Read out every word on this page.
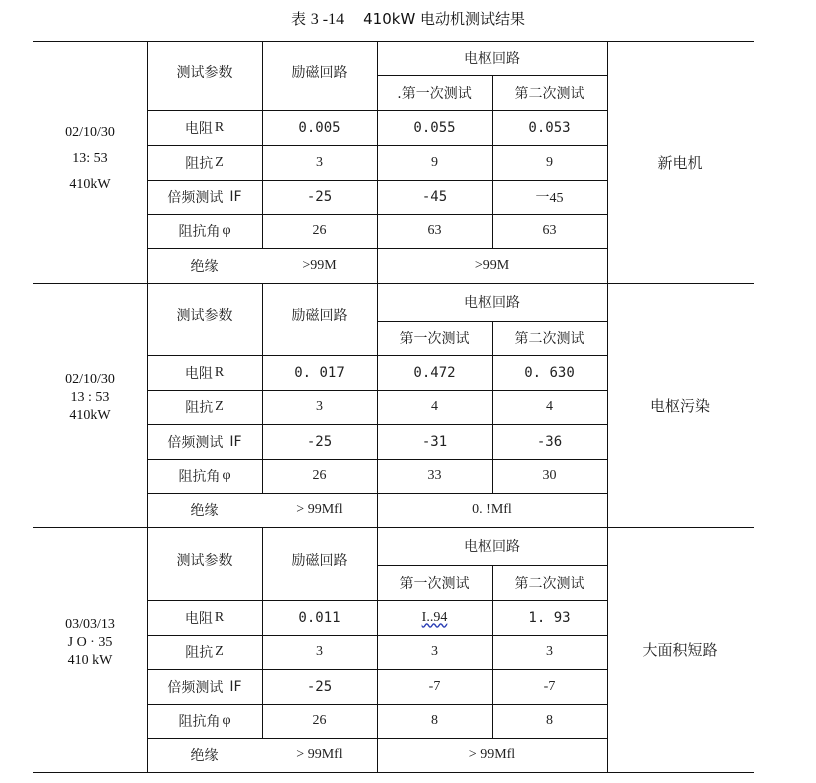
表 3 -14 410kW 电动机测试结果
02/10/30
13: 53
410kW
测试参数	励磁回路
电枢回路
.第一次测试	第二次测试
电阻 R	0.005	0.055	0.053
阻抗 Z	3	9	9
倍频测试 IF	-25	-45	一45
阻抗角 φ	26	63	63
绝缘	>99M	>99M
新电机
02/10/30
13 : 53
410kW
测试参数	励磁回路
电枢回路
第一次测试	第二次测试
电阻 R	0. 017	0.472	0. 630
阻抗 Z	3	4	4
倍频测试 IF	-25	-31	-36
阻抗角 φ	26	33	30
绝缘	> 99Mfl	0. !Mfl
电枢污染
03/03/13
J O · 35
410 kW
测试参数	励磁回路
电枢回路
第一次测试	第二次测试
电阻 R	0.011	I..94	1. 93
阻抗 Z	3	3	3
倍频测试 IF	-25	-7	-7
阻抗角 φ	26	8	8
绝缘	> 99Mfl	> 99Mfl
大面积短路
